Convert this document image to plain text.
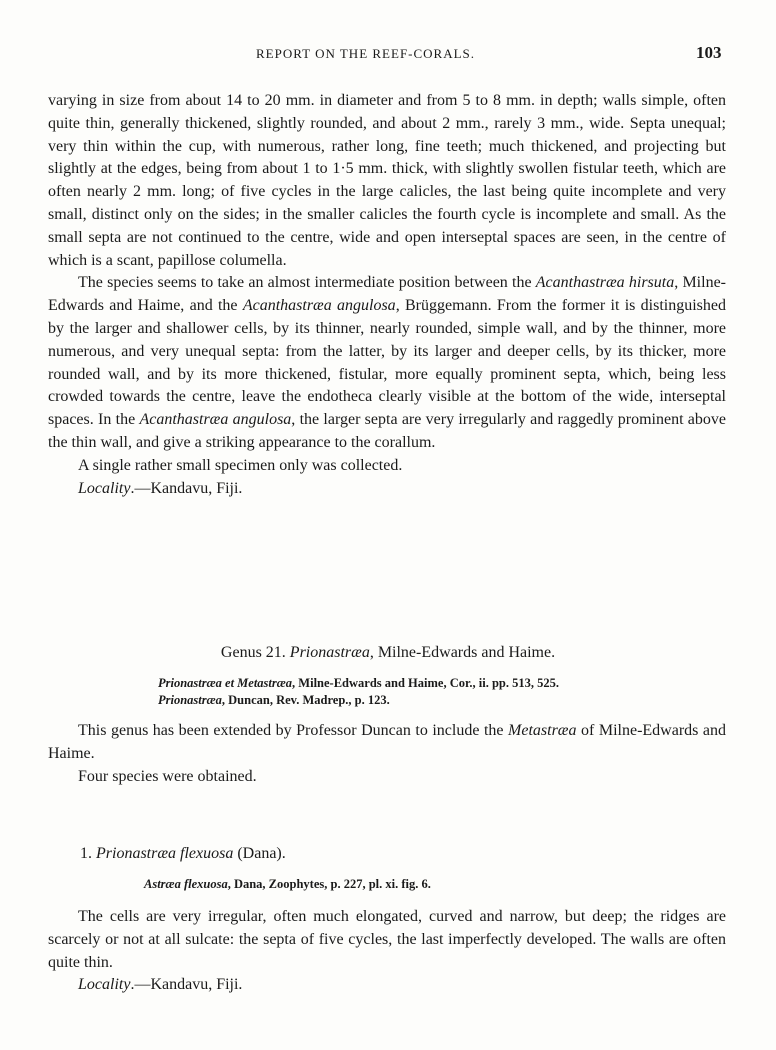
REPORT ON THE REEF-CORALS.	103

varying in size from about 14 to 20 mm. in diameter and from 5 to 8 mm. in depth; walls simple, often quite thin, generally thickened, slightly rounded, and about 2 mm., rarely 3 mm., wide. Septa unequal; very thin within the cup, with numerous, rather long, fine teeth; much thickened, and projecting but slightly at the edges, being from about 1 to 1·5 mm. thick, with slightly swollen fistular teeth, which are often nearly 2 mm. long; of five cycles in the large calicles, the last being quite incomplete and very small, distinct only on the sides; in the smaller calicles the fourth cycle is incomplete and small. As the small septa are not continued to the centre, wide and open interseptal spaces are seen, in the centre of which is a scant, papillose columella.

The species seems to take an almost intermediate position between the Acanthastræa hirsuta, Milne-Edwards and Haime, and the Acanthastræa angulosa, Brüggemann. From the former it is distinguished by the larger and shallower cells, by its thinner, nearly rounded, simple wall, and by the thinner, more numerous, and very unequal septa: from the latter, by its larger and deeper cells, by its thicker, more rounded wall, and by its more thickened, fistular, more equally prominent septa, which, being less crowded towards the centre, leave the endotheca clearly visible at the bottom of the wide, interseptal spaces. In the Acanthastræa angulosa, the larger septa are very irregularly and raggedly prominent above the thin wall, and give a striking appearance to the corallum.

A single rather small specimen only was collected.

Locality.—Kandavu, Fiji.

Genus 21. Prionastræa, Milne-Edwards and Haime.
Prionastræa et Metastræa, Milne-Edwards and Haime, Cor., ii. pp. 513, 525.
Prionastræa, Duncan, Rev. Madrep., p. 123.

This genus has been extended by Professor Duncan to include the Metastræa of Milne-Edwards and Haime.

Four species were obtained.

1. Prionastræa flexuosa (Dana).
Astræa flexuosa, Dana, Zoophytes, p. 227, pl. xi. fig. 6.

The cells are very irregular, often much elongated, curved and narrow, but deep; the ridges are scarcely or not at all sulcate: the septa of five cycles, the last imperfectly developed. The walls are often quite thin.

Locality.—Kandavu, Fiji.
